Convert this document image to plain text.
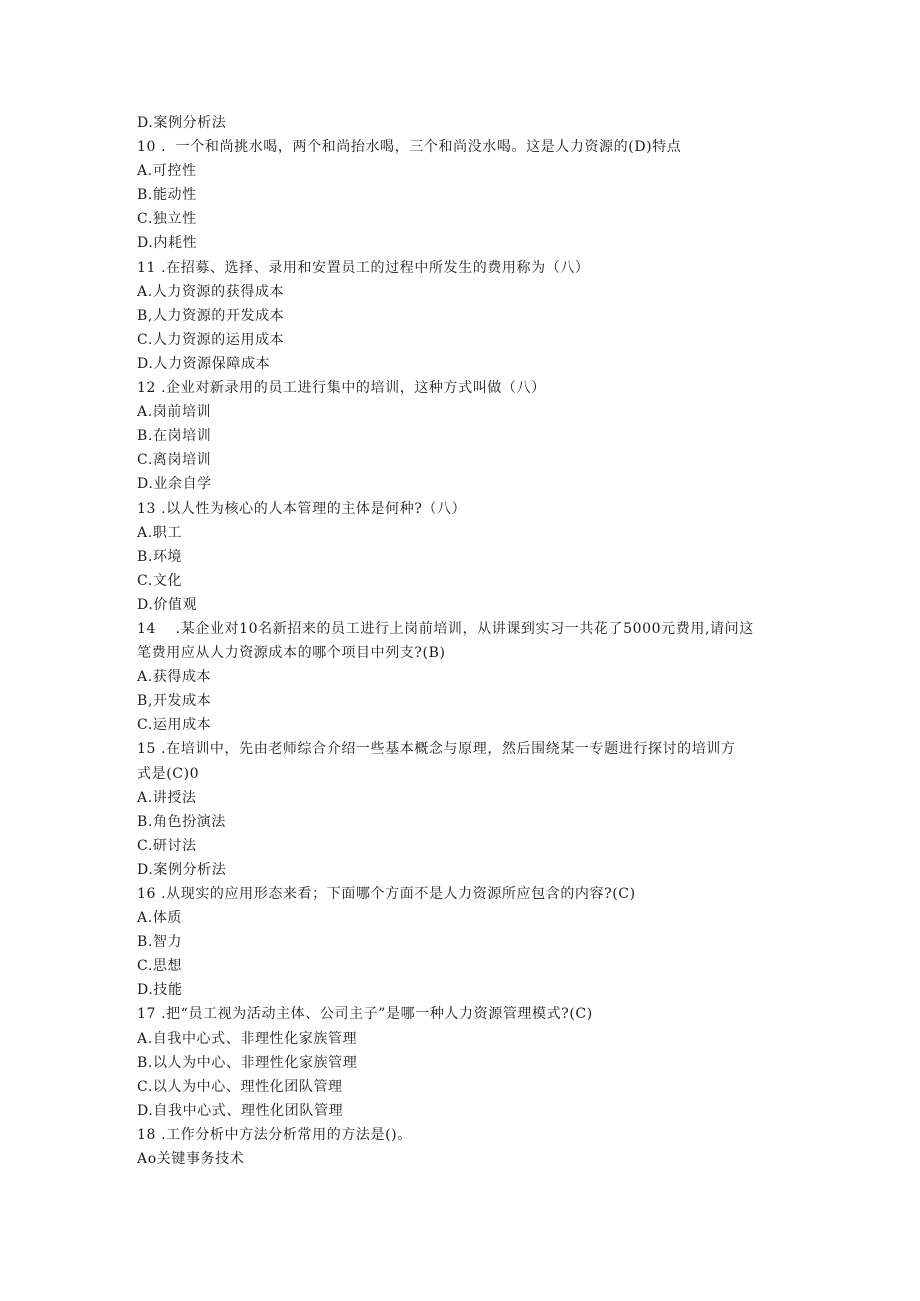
D.案例分析法
10 ．一个和尚挑水喝，两个和尚抬水喝，三个和尚没水喝。这是人力资源的(D)特点
A.可控性
B.能动性
C.独立性
D.内耗性
11 .在招募、选择、录用和安置员工的过程中所发生的费用称为（八）
A.人力资源的获得成本
B,人力资源的开发成本
C.人力资源的运用成本
D.人力资源保障成本
12 .企业对新录用的员工进行集中的培训，这种方式叫做（八）
A.岗前培训
B.在岗培训
C.离岗培训
D.业余自学
13 .以人性为核心的人本管理的主体是何种?（八）
A.职工
B.环境
C.文化
D.价值观
14 　.某企业对10名新招来的员工进行上岗前培训，从讲课到实习一共花了5000元费用,请问这
笔费用应从人力资源成本的哪个项目中列支?(B)
A.获得成本
B,开发成本
C.运用成本
15 .在培训中，先由老师综合介绍一些基本概念与原理，然后围绕某一专题进行探讨的培训方
式是(C)0
A.讲授法
B.角色扮演法
C.研讨法
D.案例分析法
16 .从现实的应用形态来看；下面哪个方面不是人力资源所应包含的内容?(C)
A.体质
B.智力
C.思想
D.技能
17 .把“员工视为活动主体、公司主子”是哪一种人力资源管理模式?(C)
A.自我中心式、非理性化家族管理
B.以人为中心、非理性化家族管理
C.以人为中心、理性化团队管理
D.自我中心式、理性化团队管理
18 .工作分析中方法分析常用的方法是()。
Ao关键事务技术
